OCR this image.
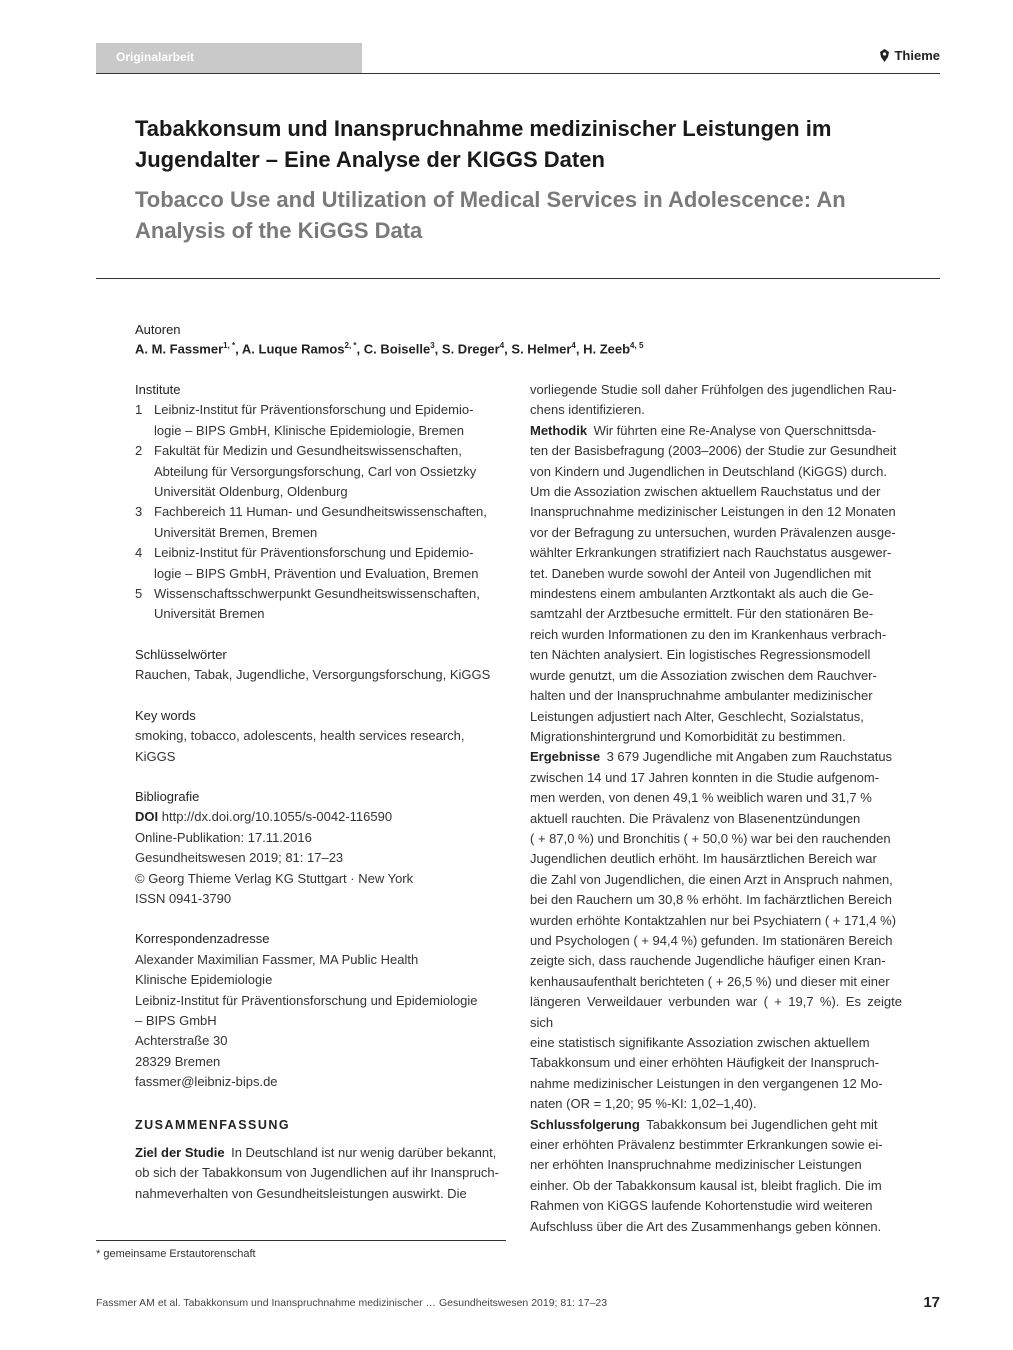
Originalarbeit	Thieme
Tabakkonsum und Inanspruchnahme medizinischer Leistungen im
Jugendalter – Eine Analyse der KIGGS Daten
Tobacco Use and Utilization of Medical Services in Adolescence: An
Analysis of the KiGGS Data
Autoren
A. M. Fassmer$^{1, *}$, A. Luque Ramos$^{2, *}$, C. Boiselle$^3$, S. Dreger$^4$, S. Helmer$^4$, H. Zeeb$^{4, 5}$
Institute
1 Leibniz-Institut für Präventionsforschung und Epidemio-
logie – BIPS GmbH, Klinische Epidemiologie, Bremen
2 Fakultät für Medizin und Gesundheitswissenschaften,
Abteilung für Versorgungsforschung, Carl von Ossietzky
Universität Oldenburg, Oldenburg
3 Fachbereich 11 Human- und Gesundheitswissenschaften,
Universität Bremen, Bremen
4 Leibniz-Institut für Präventionsforschung und Epidemio-
logie – BIPS GmbH, Prävention und Evaluation, Bremen
5 Wissenschaftsschwerpunkt Gesundheitswissenschaften,
Universität Bremen
Schlüsselwörter
Rauchen, Tabak, Jugendliche, Versorgungsforschung, KiGGS
Key words
smoking, tobacco, adolescents, health services research,
KiGGS
Bibliografie
DOI http://dx.doi.org/10.1055/s-0042-116590
Online-Publikation: 17.11.2016
Gesundheitswesen 2019; 81: 17–23
© Georg Thieme Verlag KG Stuttgart · New York
ISSN 0941-3790
Korrespondenzadresse
Alexander Maximilian Fassmer, MA Public Health
Klinische Epidemiologie
Leibniz-Institut für Präventionsforschung und Epidemiologie
– BIPS GmbH
Achterstraße 30
28329 Bremen
fassmer@leibniz-bips.de
ZUSAMMENFASSUNG
Ziel der Studie  In Deutschland ist nur wenig darüber bekannt,
ob sich der Tabakkonsum von Jugendlichen auf ihr Inanspruch-
nahmeverhalten von Gesundheitsleistungen auswirkt. Die
vorliegende Studie soll daher Frühfolgen des jugendlichen Rau-
chens identifizieren.
Methodik  Wir führten eine Re-Analyse von Querschnittsda-
ten der Basisbefragung (2003–2006) der Studie zur Gesundheit
von Kindern und Jugendlichen in Deutschland (KiGGS) durch.
Um die Assoziation zwischen aktuellem Rauchstatus und der
Inanspruchnahme medizinischer Leistungen in den 12 Monaten
vor der Befragung zu untersuchen, wurden Prävalenzen ausge-
wählter Erkrankungen stratifiziert nach Rauchstatus ausgewer-
tet. Daneben wurde sowohl der Anteil von Jugendlichen mit
mindestens einem ambulanten Arztkontakt als auch die Ge-
samtzahl der Arztbesuche ermittelt. Für den stationären Be-
reich wurden Informationen zu den im Krankenhaus verbrach-
ten Nächten analysiert. Ein logistisches Regressionsmodell
wurde genutzt, um die Assoziation zwischen dem Rauchver-
halten und der Inanspruchnahme ambulanter medizinischer
Leistungen adjustiert nach Alter, Geschlecht, Sozialstatus,
Migrationshintergrund und Komorbidität zu bestimmen.
Ergebnisse  3 679 Jugendliche mit Angaben zum Rauchstatus
zwischen 14 und 17 Jahren konnten in die Studie aufgenom-
men werden, von denen 49,1 % weiblich waren und 31,7 %
aktuell rauchten. Die Prävalenz von Blasenentzündungen
( + 87,0 %) und Bronchitis ( + 50,0 %) war bei den rauchenden
Jugendlichen deutlich erhöht. Im hausärztlichen Bereich war
die Zahl von Jugendlichen, die einen Arzt in Anspruch nahmen,
bei den Rauchern um 30,8 % erhöht. Im fachärztlichen Bereich
wurden erhöhte Kontaktzahlen nur bei Psychiatern ( + 171,4 %)
und Psychologen ( + 94,4 %) gefunden. Im stationären Bereich
zeigte sich, dass rauchende Jugendliche häufiger einen Kran-
kenhausaufenthalt berichteten ( + 26,5 %) und dieser mit einer
längeren Verweildauer verbunden war ( + 19,7 %). Es zeigte sich
eine statistisch signifikante Assoziation zwischen aktuellem
Tabakkonsum und einer erhöhten Häufigkeit der Inanspruch-
nahme medizinischer Leistungen in den vergangenen 12 Mo-
naten (OR = 1,20; 95 %-KI: 1,02–1,40).
Schlussfolgerung  Tabakkonsum bei Jugendlichen geht mit
einer erhöhten Prävalenz bestimmter Erkrankungen sowie ei-
ner erhöhten Inanspruchnahme medizinischer Leistungen
einher. Ob der Tabakkonsum kausal ist, bleibt fraglich. Die im
Rahmen von KiGGS laufende Kohortenstudie wird weiteren
Aufschluss über die Art des Zusammenhangs geben können.
* gemeinsame Erstautorenschaft
Fassmer AM et al. Tabakkonsum und Inanspruchnahme medizinischer … Gesundheitswesen 2019; 81: 17–23	17
